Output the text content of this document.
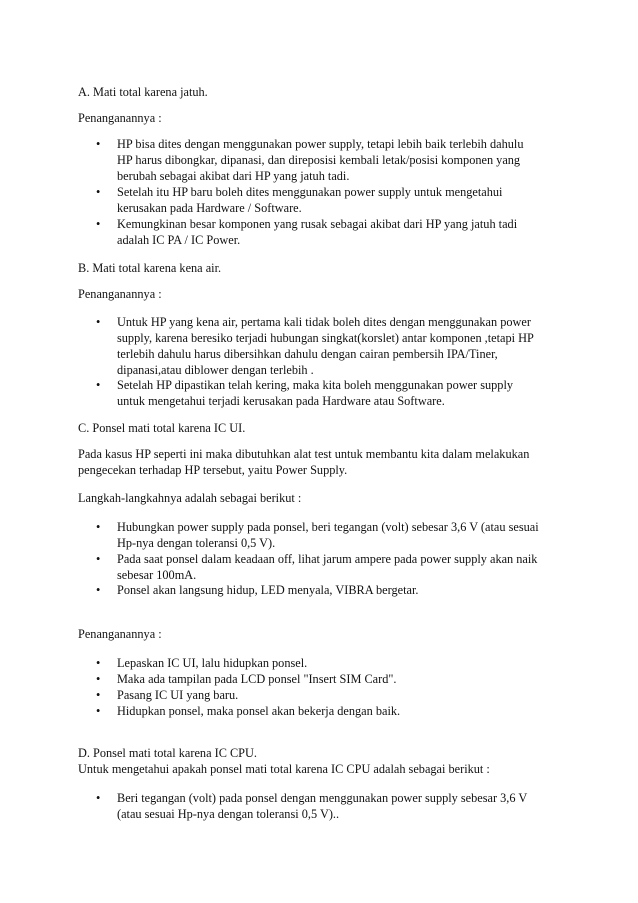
A. Mati total karena jatuh.

Penanganannya :

•	HP bisa dites dengan menggunakan power supply, tetapi lebih baik terlebih dahulu
HP harus dibongkar, dipanasi, dan direposisi kembali letak/posisi komponen yang
berubah sebagai akibat dari HP yang jatuh tadi.

•	Setelah itu HP baru boleh dites menggunakan power supply untuk mengetahui
kerusakan pada Hardware / Software.

•	Kemungkinan besar komponen yang rusak sebagai akibat dari HP yang jatuh tadi
adalah IC PA / IC Power.

B. Mati total karena kena air.

Penanganannya :

•	Untuk HP yang kena air, pertama kali tidak boleh dites dengan menggunakan power
supply, karena beresiko terjadi hubungan singkat(korslet) antar komponen ,tetapi HP
terlebih dahulu harus dibersihkan dahulu dengan cairan pembersih IPA/Tiner,
dipanasi,atau diblower dengan terlebih .

•	Setelah HP dipastikan telah kering, maka kita boleh menggunakan power supply
untuk mengetahui terjadi kerusakan pada Hardware atau Software.

C. Ponsel mati total karena IC UI.

Pada kasus HP seperti ini maka dibutuhkan alat test untuk membantu kita dalam melakukan
pengecekan terhadap HP tersebut, yaitu Power Supply.

Langkah-langkahnya adalah sebagai berikut :

•	Hubungkan power supply pada ponsel, beri tegangan (volt) sebesar 3,6 V (atau sesuai
Hp-nya dengan toleransi 0,5 V).

•	Pada saat ponsel dalam keadaan off, lihat jarum ampere pada power supply akan naik
sebesar 100mA.

•	Ponsel akan langsung hidup, LED menyala, VIBRA bergetar.

Penanganannya :

•	Lepaskan IC UI, lalu hidupkan ponsel.

•	Maka ada tampilan pada LCD ponsel "Insert SIM Card".

•	Pasang IC UI yang baru.

•	Hidupkan ponsel, maka ponsel akan bekerja dengan baik.

D. Ponsel mati total karena IC CPU.

Untuk mengetahui apakah ponsel mati total karena IC CPU adalah sebagai berikut :

•	Beri tegangan (volt) pada ponsel dengan menggunakan power supply sebesar 3,6 V
(atau sesuai Hp-nya dengan toleransi 0,5 V)..
